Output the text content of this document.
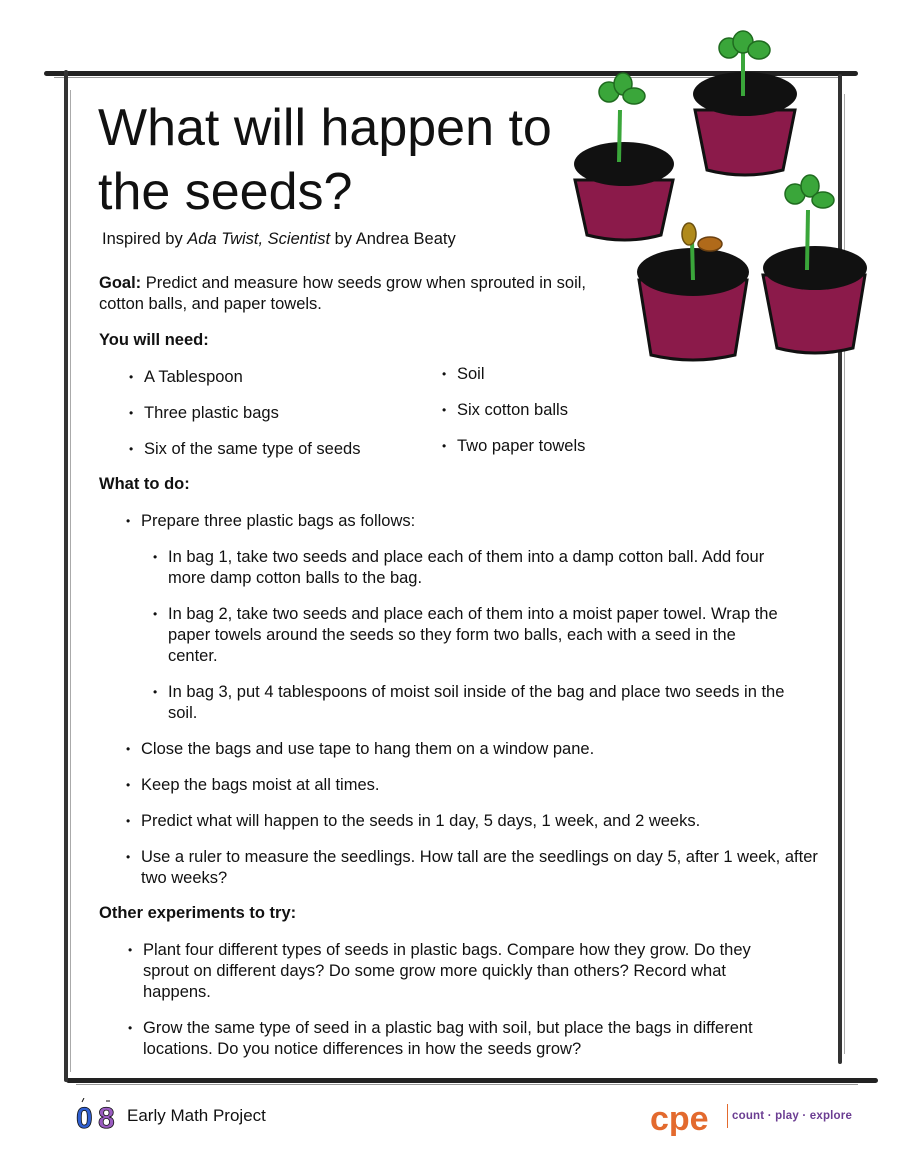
What will happen to the seeds?
Inspired by Ada Twist, Scientist by Andrea Beaty

Goal: Predict and measure how seeds grow when sprouted in soil, cotton balls, and paper towels.

You will need:
• A Tablespoon
• Three plastic bags
• Six of the same type of seeds
• Soil
• Six cotton balls
• Two paper towels
What to do:
• Prepare three plastic bags as follows:
• In bag 1, take two seeds and place each of them into a damp cotton ball. Add four more damp cotton balls to the bag.
• In bag 2, take two seeds and place each of them into a moist paper towel. Wrap the paper towels around the seeds so they form two balls, each with a seed in the center.
• In bag 3, put 4 tablespoons of moist soil inside of the bag and place two seeds in the soil.
• Close the bags and use tape to hang them on a window pane.
• Keep the bags moist at all times.
• Predict what will happen to the seeds in 1 day, 5 days, 1 week, and 2 weeks.
• Use a ruler to measure the seedlings. How tall are the seedlings on day 5, after 1 week, after two weeks?
Other experiments to try:
• Plant four different types of seeds in plastic bags. Compare how they grow. Do they sprout on different days? Do some grow more quickly than others? Record what happens.
• Grow the same type of seed in a plastic bag with soil, but place the bags in different locations. Do you notice differences in how the seeds grow?
0 8 Early Math Project	cpe count · play · explore
